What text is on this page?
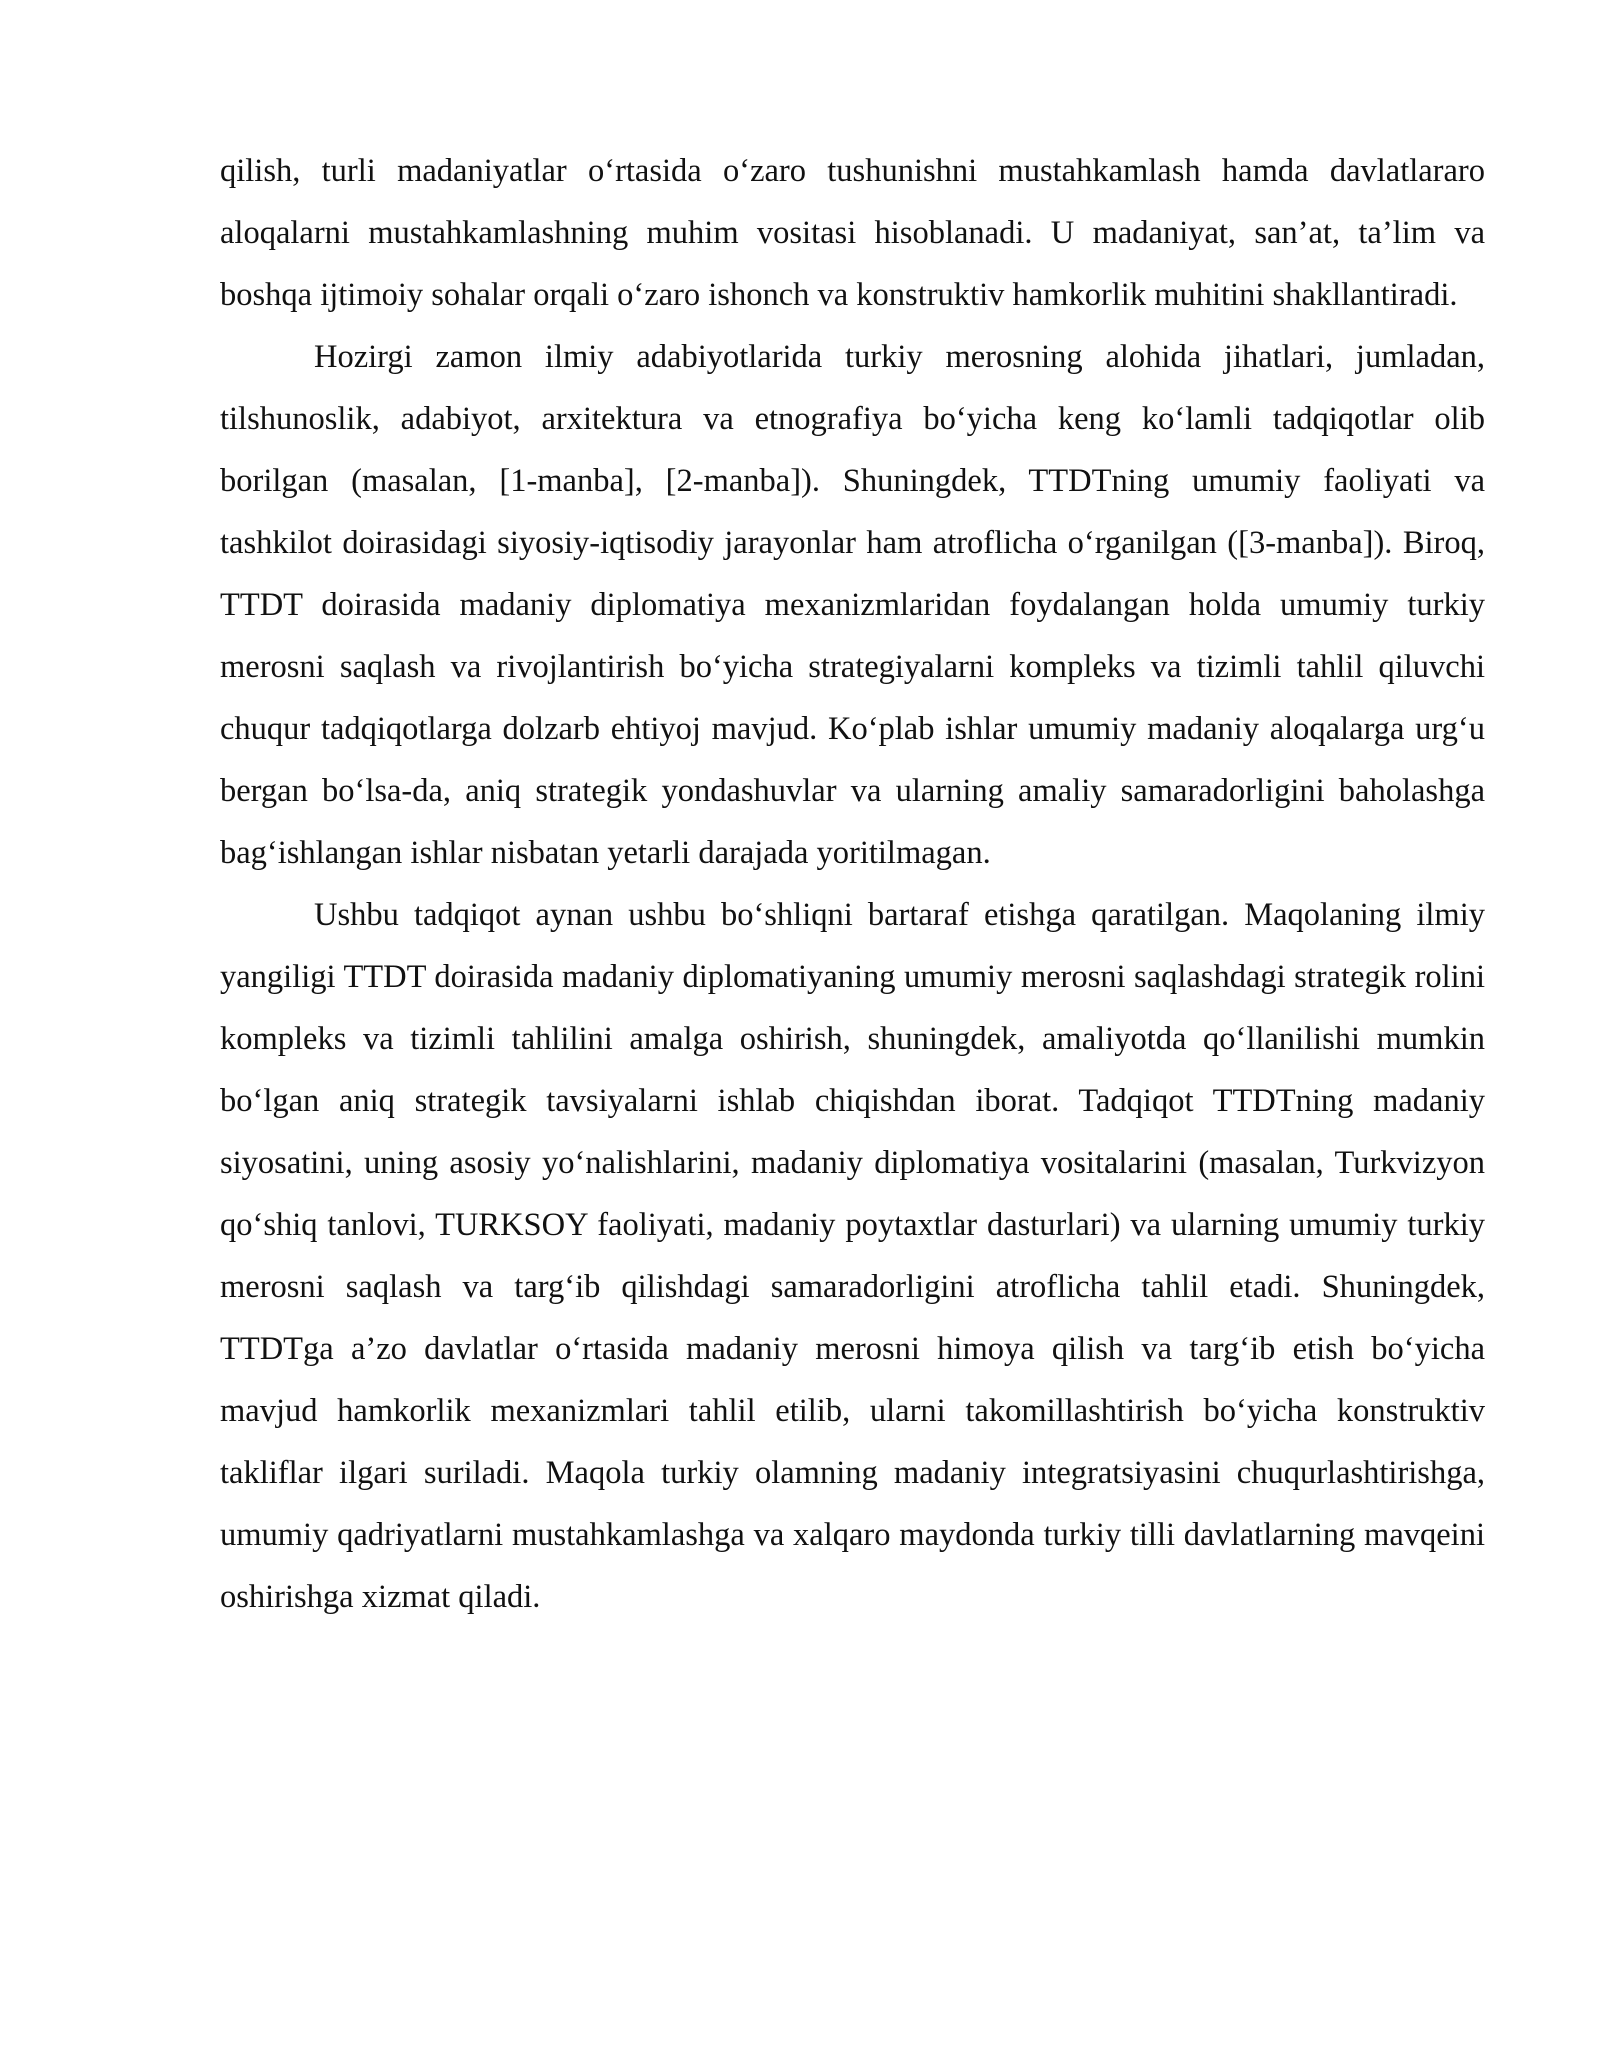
qilish, turli madaniyatlar o‘rtasida o‘zaro tushunishni mustahkamlash hamda davlatlararo aloqalarni mustahkamlashning muhim vositasi hisoblanadi. U madaniyat, san’at, ta’lim va boshqa ijtimoiy sohalar orqali o‘zaro ishonch va konstruktiv hamkorlik muhitini shakllantiradi.

Hozirgi zamon ilmiy adabiyotlarida turkiy merosning alohida jihatlari, jumladan, tilshunoslik, adabiyot, arxitektura va etnografiya bo‘yicha keng ko‘lamli tadqiqotlar olib borilgan (masalan, [1-manba], [2-manba]). Shuningdek, TTDTning umumiy faoliyati va tashkilot doirasidagi siyosiy-iqtisodiy jarayonlar ham atroflicha o‘rganilgan ([3-manba]). Biroq, TTDT doirasida madaniy diplomatiya mexanizmlaridan foydalangan holda umumiy turkiy merosni saqlash va rivojlantirish bo‘yicha strategiyalarni kompleks va tizimli tahlil qiluvchi chuqur tadqiqotlarga dolzarb ehtiyoj mavjud. Ko‘plab ishlar umumiy madaniy aloqalarga urg‘u bergan bo‘lsa-da, aniq strategik yondashuvlar va ularning amaliy samaradorligini baholashga bag‘ishlangan ishlar nisbatan yetarli darajada yoritilmagan.

Ushbu tadqiqot aynan ushbu bo‘shliqni bartaraf etishga qaratilgan. Maqolaning ilmiy yangiligi TTDT doirasida madaniy diplomatiyaning umumiy merosni saqlashdagi strategik rolini kompleks va tizimli tahlilini amalga oshirish, shuningdek, amaliyotda qo‘llanilishi mumkin bo‘lgan aniq strategik tavsiyalarni ishlab chiqishdan iborat. Tadqiqot TTDTning madaniy siyosatini, uning asosiy yo‘nalishlarini, madaniy diplomatiya vositalarini (masalan, Turkvizyon qo‘shiq tanlovi, TURKSOY faoliyati, madaniy poytaxtlar dasturlari) va ularning umumiy turkiy merosni saqlash va targ‘ib qilishdagi samaradorligini atroflicha tahlil etadi. Shuningdek, TTDTga a’zo davlatlar o‘rtasida madaniy merosni himoya qilish va targ‘ib etish bo‘yicha mavjud hamkorlik mexanizmlari tahlil etilib, ularni takomillashtirish bo‘yicha konstruktiv takliflar ilgari suriladi. Maqola turkiy olamning madaniy integratsiyasini chuqurlashtirishga, umumiy qadriyatlarni mustahkamlashga va xalqaro maydonda turkiy tilli davlatlarning mavqeini oshirishga xizmat qiladi.
